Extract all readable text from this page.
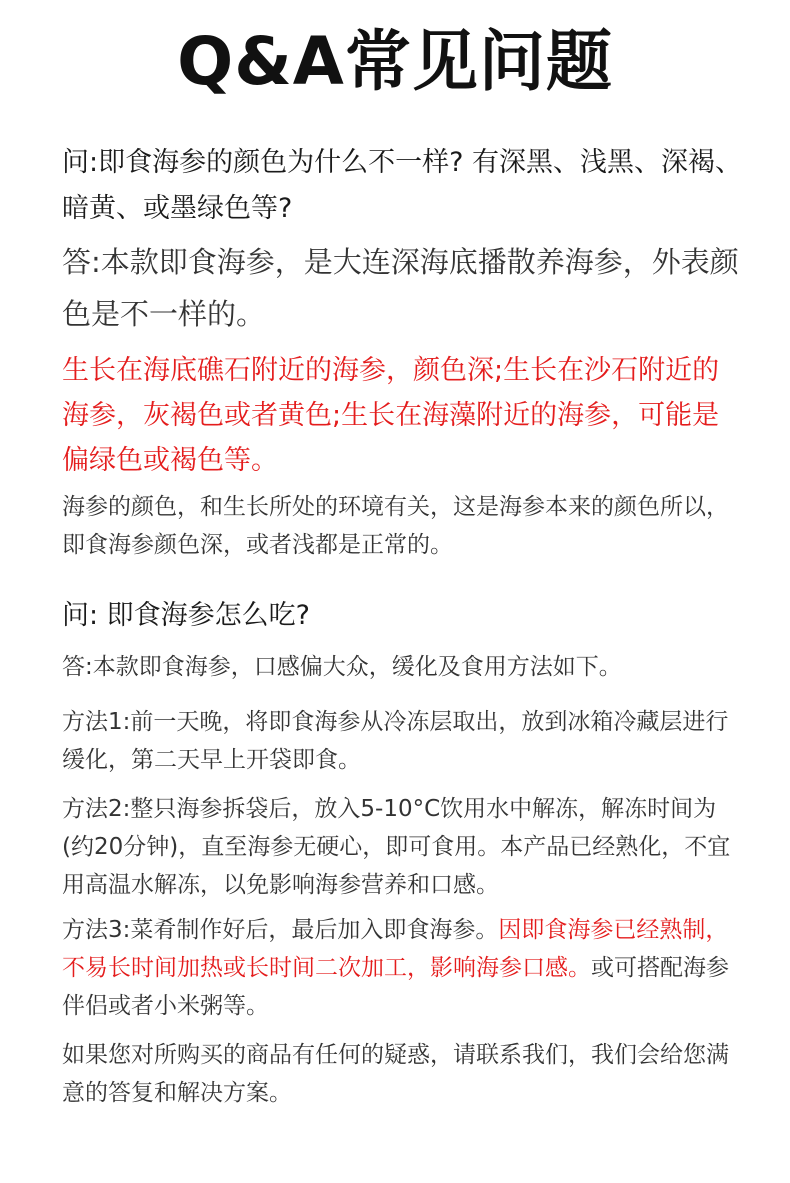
Q&A常见问题

问:即食海参的颜色为什么不一样? 有深黑、浅黑、深褐、暗黄、或墨绿色等?

答:本款即食海参，是大连深海底播散养海参，外表颜色是不一样的。

生长在海底礁石附近的海参，颜色深;生长在沙石附近的海参，灰褐色或者黄色;生长在海藻附近的海参，可能是偏绿色或褐色等。

海参的颜色，和生长所处的环境有关，这是海参本来的颜色所以，即食海参颜色深，或者浅都是正常的。

问: 即食海参怎么吃?

答:本款即食海参，口感偏大众，缓化及食用方法如下。

方法1:前一天晚，将即食海参从冷冻层取出，放到冰箱冷藏层进行缓化，第二天早上开袋即食。

方法2:整只海参拆袋后，放入5-10°C饮用水中解冻，解冻时间为(约20分钟)，直至海参无硬心，即可食用。本产品已经熟化，不宜用高温水解冻，以免影响海参营养和口感。

方法3:菜肴制作好后，最后加入即食海参。因即食海参已经熟制，不易长时间加热或长时间二次加工，影响海参口感。或可搭配海参伴侣或者小米粥等。

如果您对所购买的商品有任何的疑惑，请联系我们，我们会给您满意的答复和解决方案。
